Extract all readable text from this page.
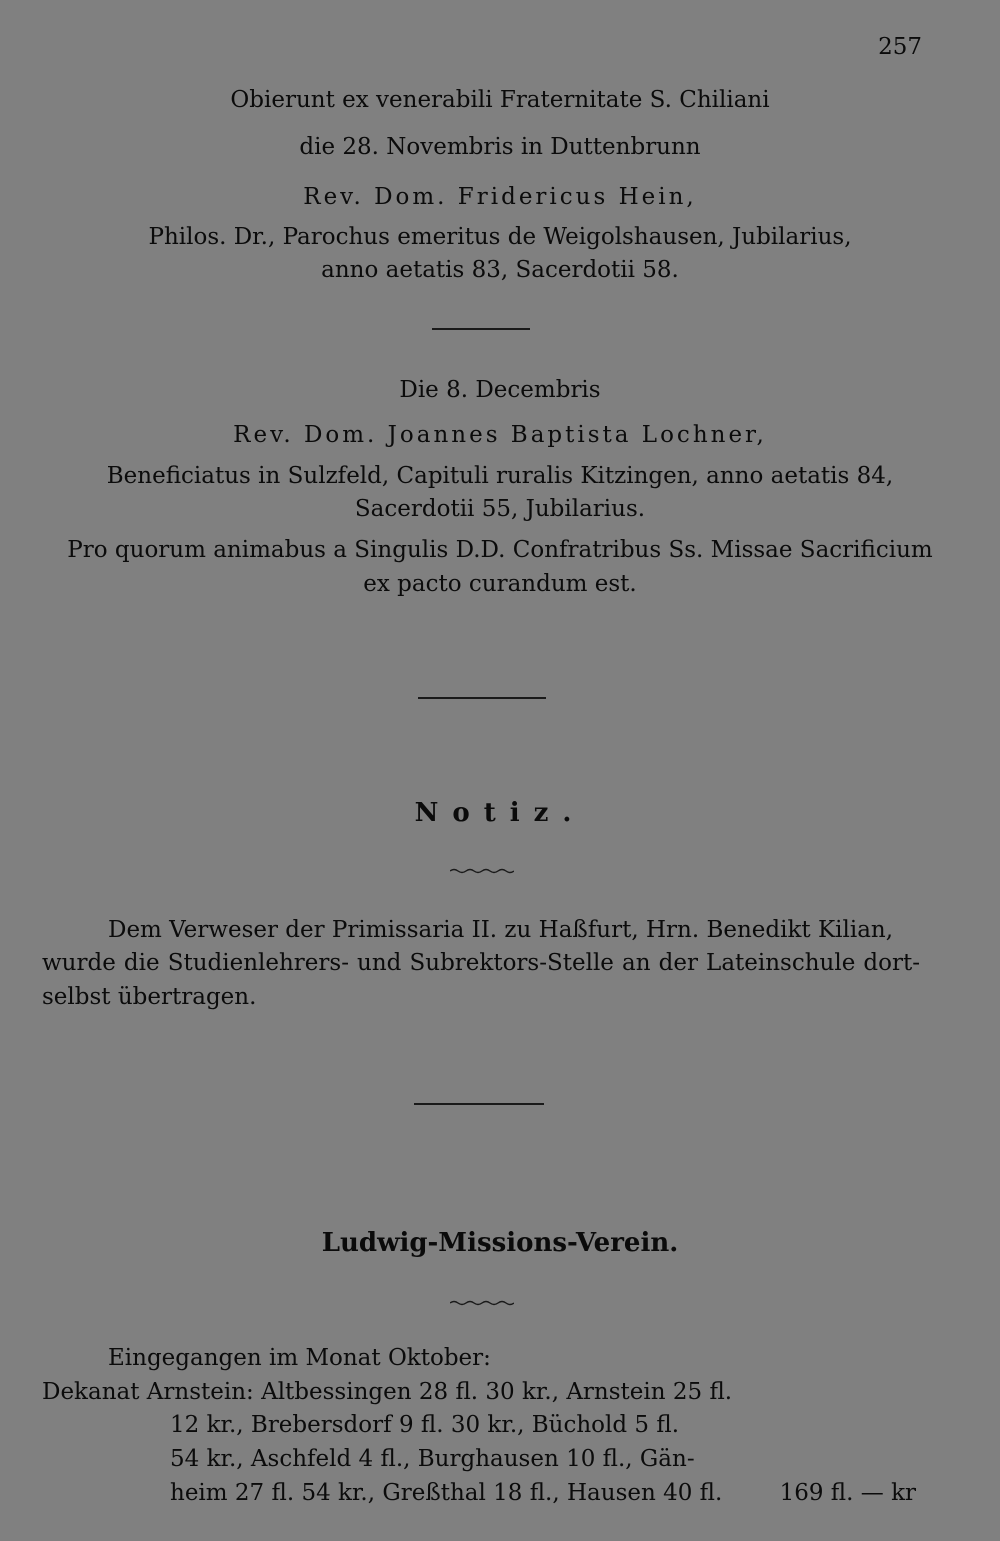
257
Obierunt ex venerabili Fraternitate S. Chiliani
die 28. Novembris in Duttenbrunn
Rev. Dom. Fridericus Hein,
Philos. Dr., Parochus emeritus de Weigolshausen, Jubilarius,
anno aetatis 83, Sacerdotii 58.
Die 8. Decembris
Rev. Dom. Joannes Baptista Lochner,
Beneficiatus in Sulzfeld, Capituli ruralis Kitzingen, anno aetatis 84,
Sacerdotii 55, Jubilarius.
Pro quorum animabus a Singulis D.D. Confratribus Ss. Missae Sacrificium
ex pacto curandum est.
Notiz.
Dem Verweser der Primissaria II. zu Haßfurt, Hrn. Benedikt Kilian,
wurde die Studienlehrers- und Subrektors-Stelle an der Lateinschule dort-
selbst übertragen.
Ludwig-Missions-Verein.
Eingegangen im Monat Oktober:
Dekanat Arnstein: Altbessingen 28 fl. 30 kr., Arnstein 25 fl.
12 kr., Brebersdorf 9 fl. 30 kr., Büchold 5 fl.
54 kr., Aschfeld 4 fl., Burghausen 10 fl., Gän-
heim 27 fl. 54 kr., Greßthal 18 fl., Hausen 40 fl. 169 fl. — kr
